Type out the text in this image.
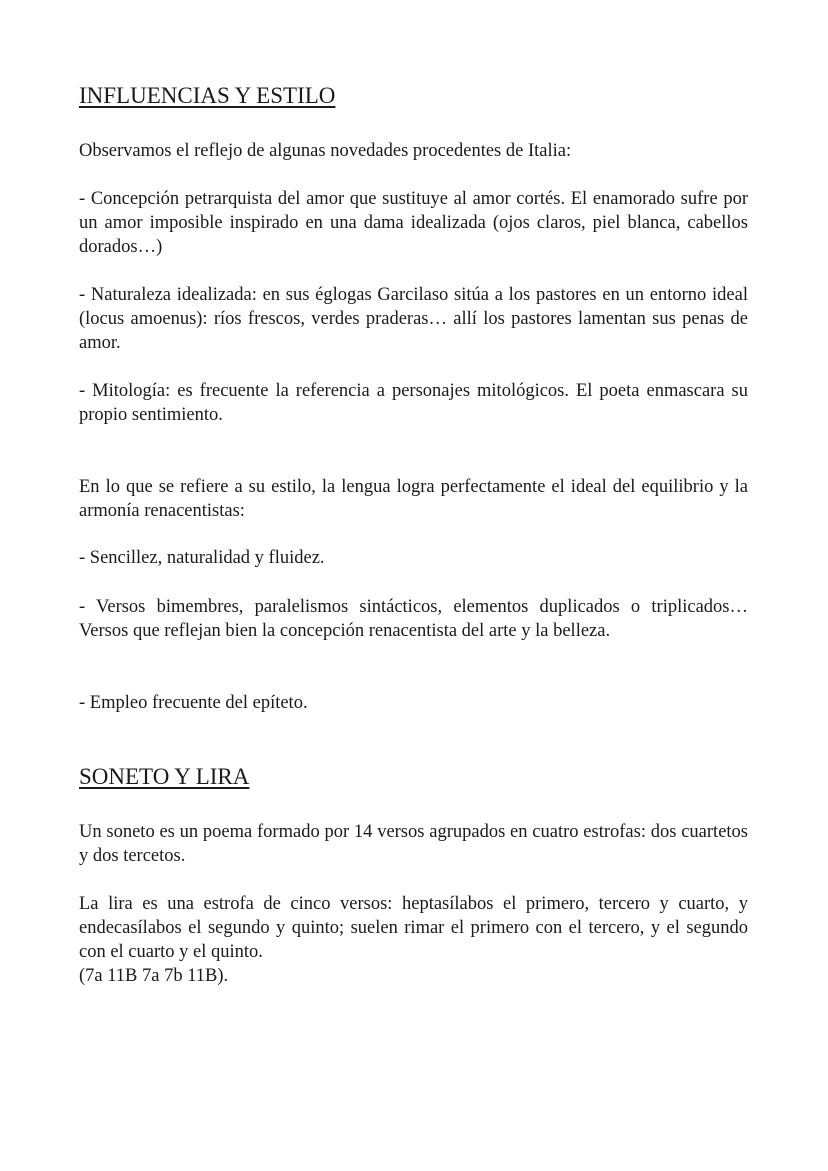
INFLUENCIAS Y ESTILO

Observamos el reflejo de algunas novedades procedentes de Italia:

- Concepción petrarquista del amor que sustituye al amor cortés. El enamorado sufre por un amor imposible inspirado en una dama idealizada (ojos claros, piel blanca, cabellos dorados…)

- Naturaleza idealizada: en sus églogas Garcilaso sitúa a los pastores en un entorno ideal (locus amoenus): ríos frescos, verdes praderas… allí los pastores lamentan sus penas de amor.

- Mitología: es frecuente la referencia a personajes mitológicos. El poeta enmascara su propio sentimiento.

En lo que se refiere a su estilo, la lengua logra perfectamente el ideal del equilibrio y la armonía renacentistas:

- Sencillez, naturalidad y fluidez.

- Versos bimembres, paralelismos sintácticos, elementos duplicados o triplicados… Versos que reflejan bien la concepción renacentista del arte y la belleza.

- Empleo frecuente del epíteto.

SONETO Y LIRA

Un soneto es un poema formado por 14 versos agrupados en cuatro estrofas: dos cuartetos y dos tercetos.

La lira es una estrofa de cinco versos: heptasílabos el primero, tercero y cuarto, y endecasílabos el segundo y quinto; suelen rimar el primero con el tercero, y el segundo con el cuarto y el quinto.

(7a 11B 7a 7b 11B).
